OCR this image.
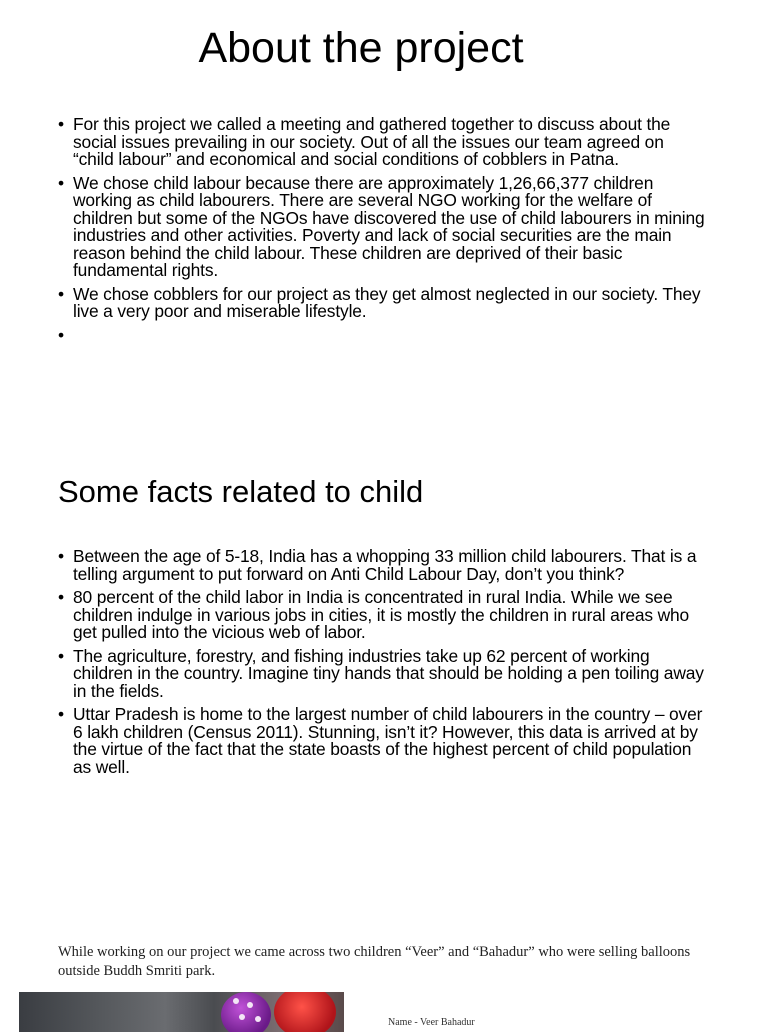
About the project
• For this project we called a meeting and gathered together to discuss about the social issues prevailing in our society. Out of all the issues our team agreed on “child labour” and economical and social conditions of cobblers in Patna.
• We chose child labour because there are approximately 1,26,66,377 children working as child labourers. There are several NGO working for the welfare of children but some of the NGOs have discovered the use of child labourers in mining industries and other activities. Poverty and lack of social securities are the main reason behind the child labour. These children are deprived of their basic fundamental rights.
• We chose cobblers for our project as they get almost neglected in our society. They live a very poor and miserable lifestyle.
•
Some facts related to child
• Between the age of 5-18, India has a whopping 33 million child labourers. That is a telling argument to put forward on Anti Child Labour Day, don’t you think?
• 80 percent of the child labor in India is concentrated in rural India. While we see children indulge in various jobs in cities, it is mostly the children in rural areas who get pulled into the vicious web of labor.
• The agriculture, forestry, and fishing industries take up 62 percent of working children in the country. Imagine tiny hands that should be holding a pen toiling away in the fields.
• Uttar Pradesh is home to the largest number of child labourers in the country – over 6 lakh children (Census 2011). Stunning, isn’t it? However, this data is arrived at by the virtue of the fact that the state boasts of the highest percent of child population as well.

While working on our project we came across two children “Veer” and “Bahadur” who were selling balloons outside Buddh Smriti park.

Name - Veer Bahadur
